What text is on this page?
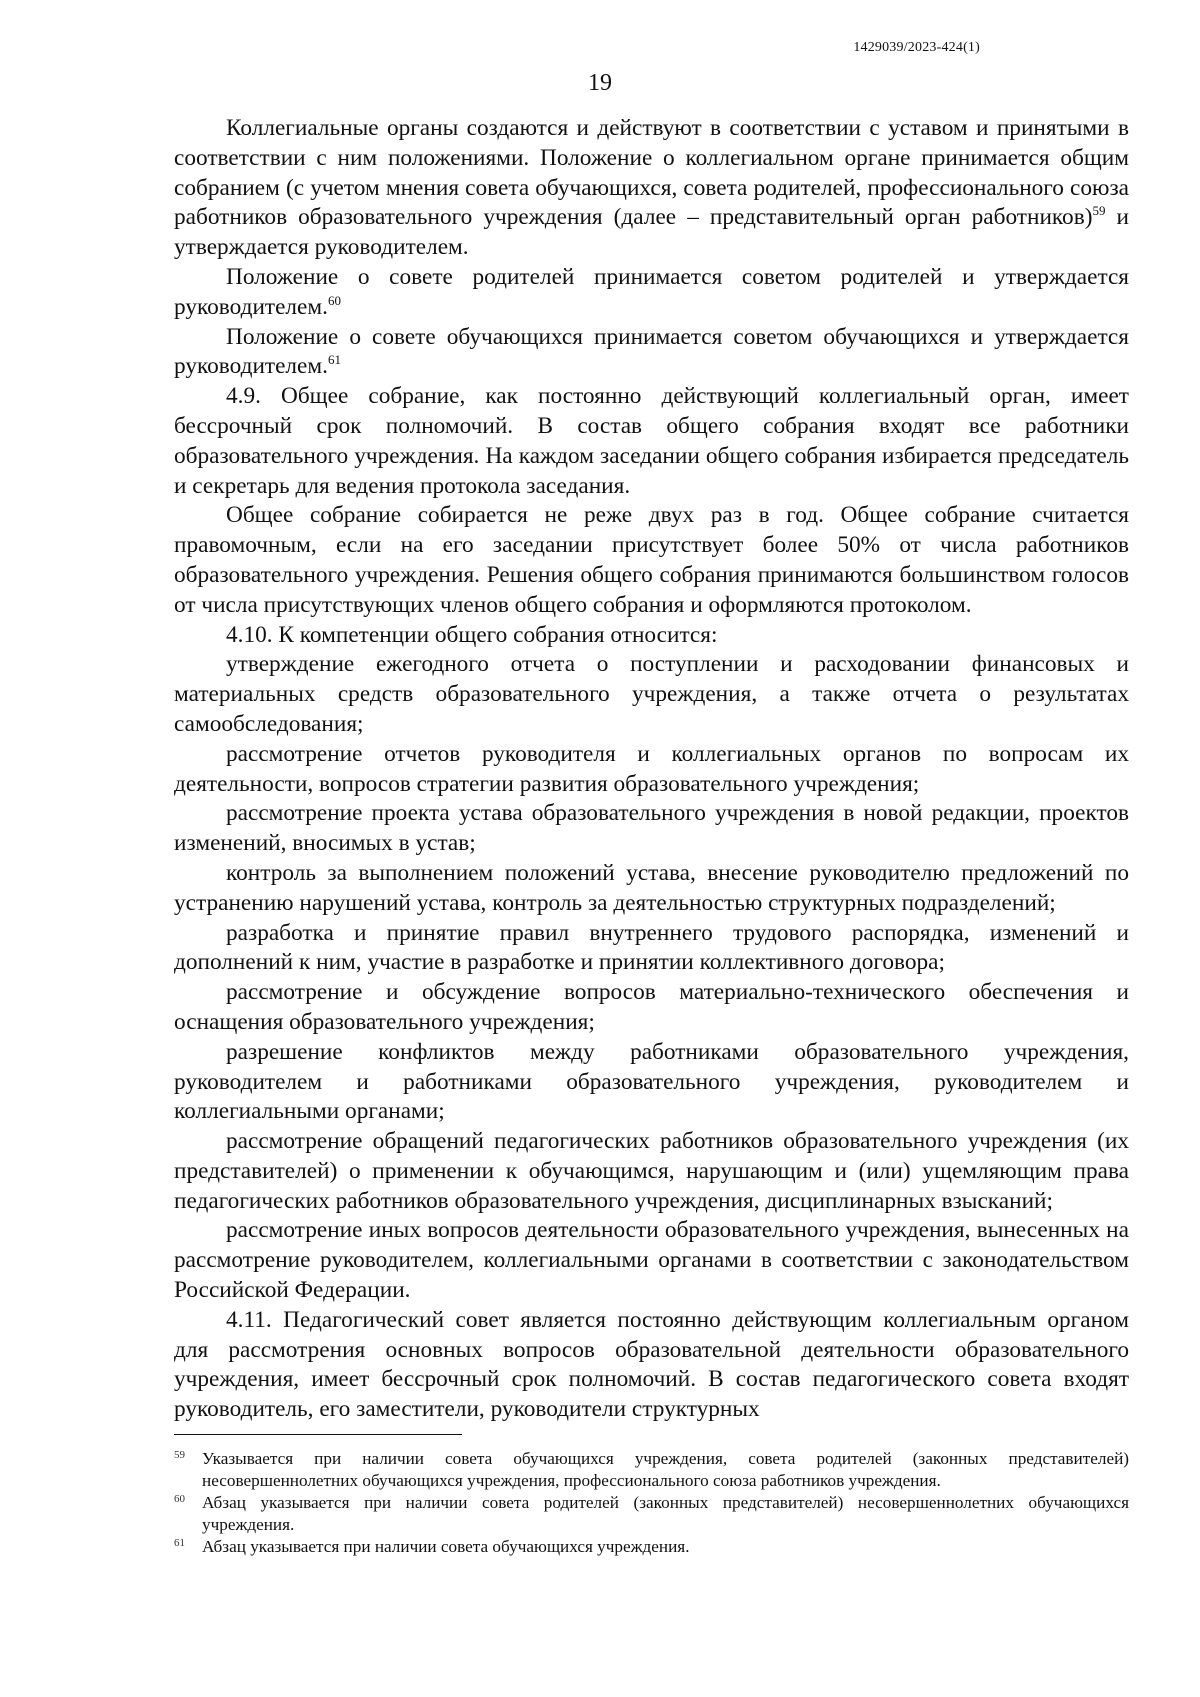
1429039/2023-424(1)
19

Коллегиальные органы создаются и действуют в соответствии с уставом и принятыми в соответствии с ним положениями. Положение о коллегиальном органе принимается общим собранием (с учетом мнения совета обучающихся, совета родителей, профессионального союза работников образовательного учреждения (далее – представительный орган работников)$^{59}$ и утверждается руководителем.

Положение о совете родителей принимается советом родителей и утверждается руководителем.$^{60}$

Положение о совете обучающихся принимается советом обучающихся и утверждается руководителем.$^{61}$

4.9. Общее собрание, как постоянно действующий коллегиальный орган, имеет бессрочный срок полномочий. В состав общего собрания входят все работники образовательного учреждения. На каждом заседании общего собрания избирается председатель и секретарь для ведения протокола заседания.

Общее собрание собирается не реже двух раз в год. Общее собрание считается правомочным, если на его заседании присутствует более 50% от числа работников образовательного учреждения. Решения общего собрания принимаются большинством голосов от числа присутствующих членов общего собрания и оформляются протоколом.

4.10. К компетенции общего собрания относится:

утверждение ежегодного отчета о поступлении и расходовании финансовых и материальных средств образовательного учреждения, а также отчета о результатах самообследования;

рассмотрение отчетов руководителя и коллегиальных органов по вопросам их деятельности, вопросов стратегии развития образовательного учреждения;

рассмотрение проекта устава образовательного учреждения в новой редакции, проектов изменений, вносимых в устав;

контроль за выполнением положений устава, внесение руководителю предложений по устранению нарушений устава, контроль за деятельностью структурных подразделений;

разработка и принятие правил внутреннего трудового распорядка, изменений и дополнений к ним, участие в разработке и принятии коллективного договора;

рассмотрение и обсуждение вопросов материально-технического обеспечения и оснащения образовательного учреждения;

разрешение конфликтов между работниками образовательного учреждения, руководителем и работниками образовательного учреждения, руководителем и коллегиальными органами;

рассмотрение обращений педагогических работников образовательного учреждения (их представителей) о применении к обучающимся, нарушающим и (или) ущемляющим права педагогических работников образовательного учреждения, дисциплинарных взысканий;

рассмотрение иных вопросов деятельности образовательного учреждения, вынесенных на рассмотрение руководителем, коллегиальными органами в соответствии с законодательством Российской Федерации.

4.11. Педагогический совет является постоянно действующим коллегиальным органом для рассмотрения основных вопросов образовательной деятельности образовательного учреждения, имеет бессрочный срок полномочий. В состав педагогического совета входят руководитель, его заместители, руководители структурных

59 Указывается при наличии совета обучающихся учреждения, совета родителей (законных представителей) несовершеннолетних обучающихся учреждения, профессионального союза работников учреждения.
60 Абзац указывается при наличии совета родителей (законных представителей) несовершеннолетних обучающихся учреждения.
61 Абзац указывается при наличии совета обучающихся учреждения.
